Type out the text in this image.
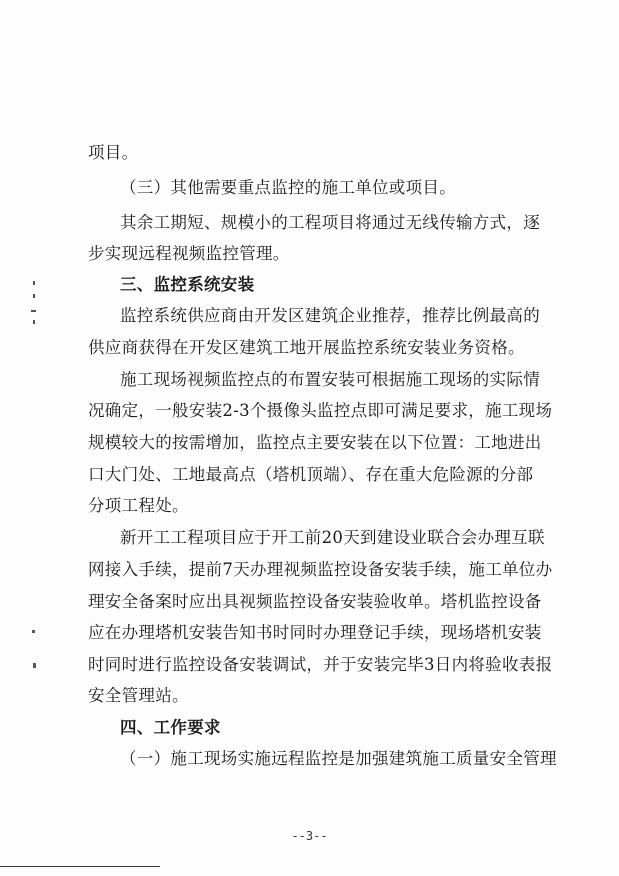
项目。
（三）其他需要重点监控的施工单位或项目。
其余工期短、规模小的工程项目将通过无线传输方式，逐
步实现远程视频监控管理。
三、监控系统安装
监控系统供应商由开发区建筑企业推荐，推荐比例最高的
供应商获得在开发区建筑工地开展监控系统安装业务资格。
施工现场视频监控点的布置安装可根据施工现场的实际情
况确定，一般安装2-3个摄像头监控点即可满足要求，施工现场
规模较大的按需增加，监控点主要安装在以下位置：工地进出
口大门处、工地最高点（塔机顶端）、存在重大危险源的分部
分项工程处。
新开工工程项目应于开工前20天到建设业联合会办理互联
网接入手续，提前7天办理视频监控设备安装手续，施工单位办
理安全备案时应出具视频监控设备安装验收单。塔机监控设备
应在办理塔机安装告知书时同时办理登记手续，现场塔机安装
时同时进行监控设备安装调试，并于安装完毕3日内将验收表报
安全管理站。
四、工作要求
（一）施工现场实施远程监控是加强建筑施工质量安全管理
--3--
